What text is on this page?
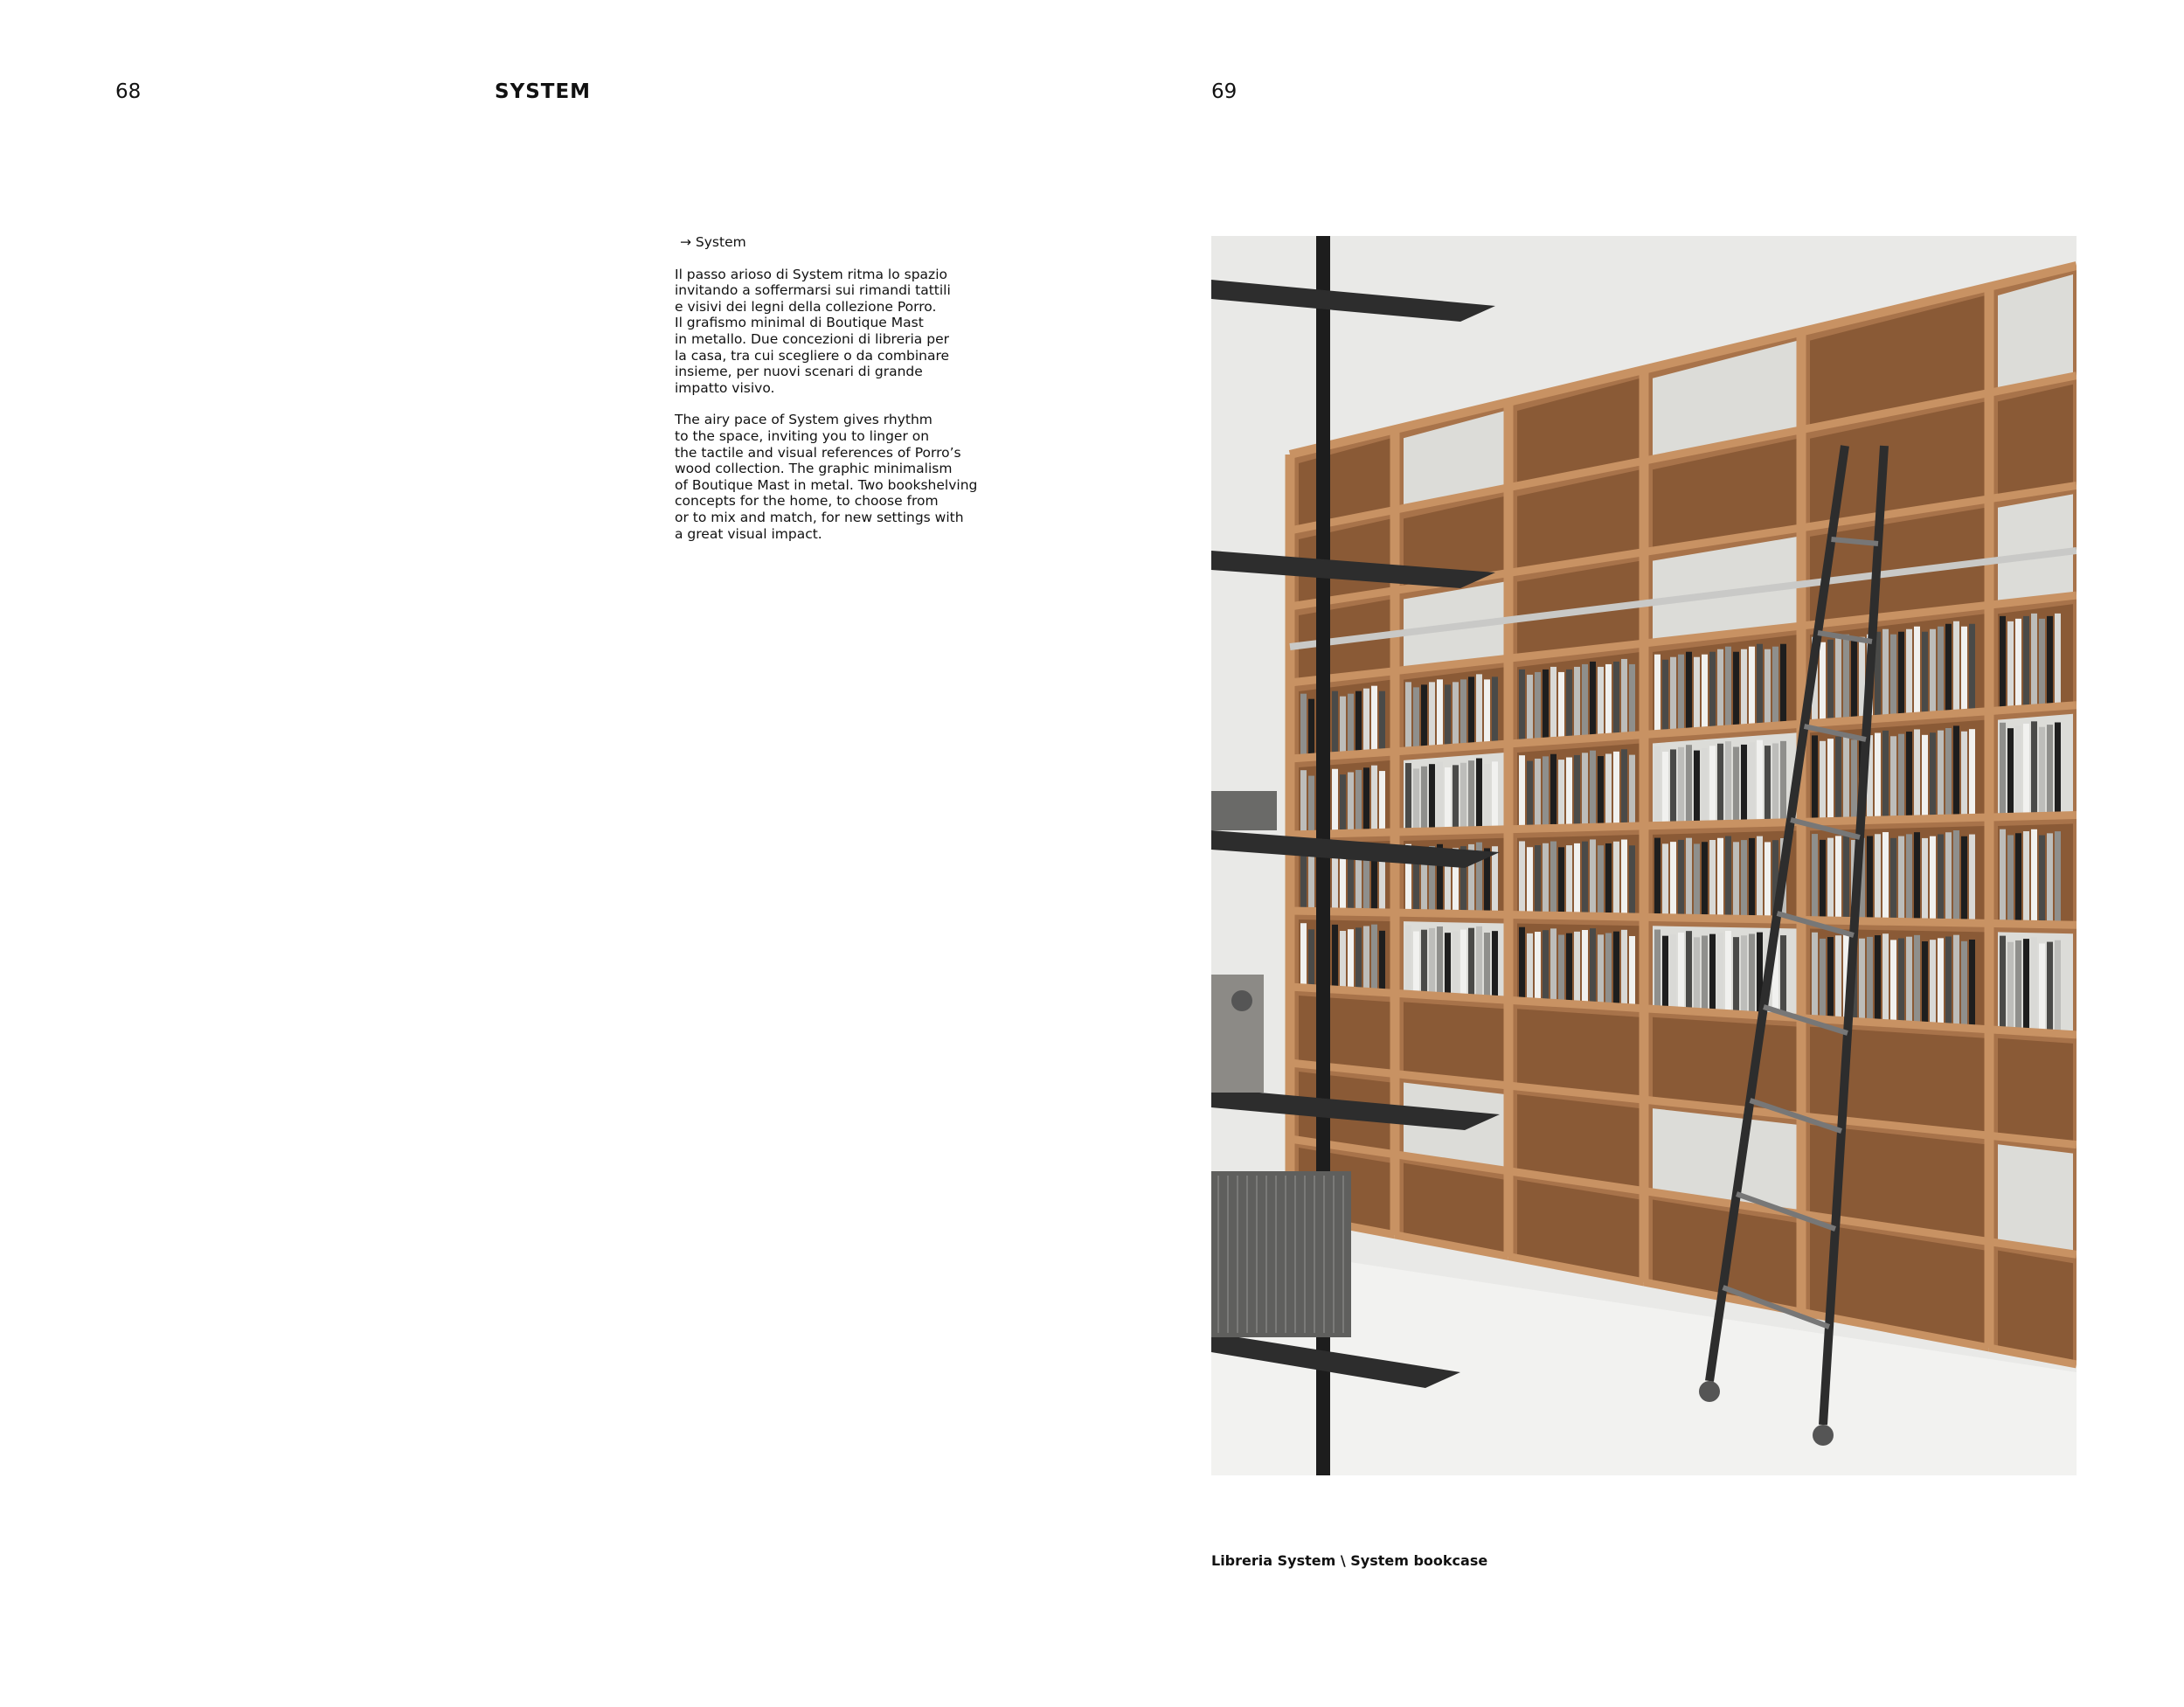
68	SYSTEM
→ System

Il passo arioso di System ritma lo spazio
invitando a soffermarsi sui rimandi tattili
e visivi dei legni della collezione Porro.
Il grafismo minimal di Boutique Mast
in metallo. Due concezioni di libreria per
la casa, tra cui scegliere o da combinare
insieme, per nuovi scenari di grande
impatto visivo.

The airy pace of System gives rhythm
to the space, inviting you to linger on
the tactile and visual references of Porro’s
wood collection. The graphic minimalism
of Boutique Mast in metal. Two bookshelving
concepts for the home, to choose from
or to mix and match, for new settings with
a great visual impact.

69
Libreria System \ System bookcase
